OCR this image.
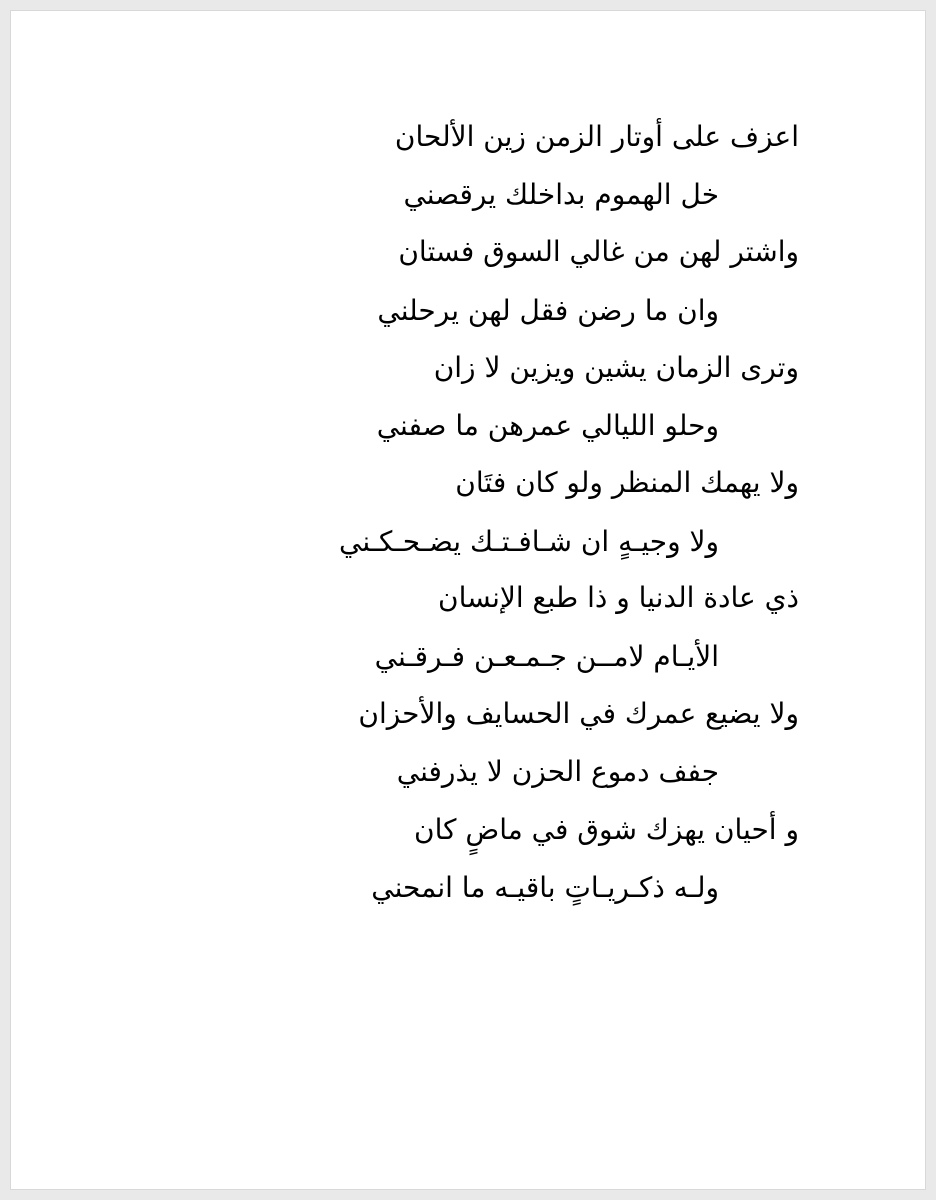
اعزف على أوتار الزمن زين الألحان
خل الهموم بداخلك يرقصني
واشتر لهن من غالي السوق فستان
وان ما رضن فقل لهن يرحلني
وترى الزمان يشين ويزين لا زان
وحلو الليالي عمرهن ما صفني
ولا يهمك المنظر ولو كان فتَان
ولا وجيـهٍ ان شـافـتـك يضـحـكـني
ذي عادة الدنيا و ذا طبع الإنسان
الأيـام لامــن جـمـعـن فـرقـني
ولا يضيع عمرك في الحسايف والأحزان
جفف دموع الحزن لا يذرفني
و أحيان يهزك شوق في ماضٍ كان
ولـه ذكـريـاتٍ باقيـه ما انمحني
